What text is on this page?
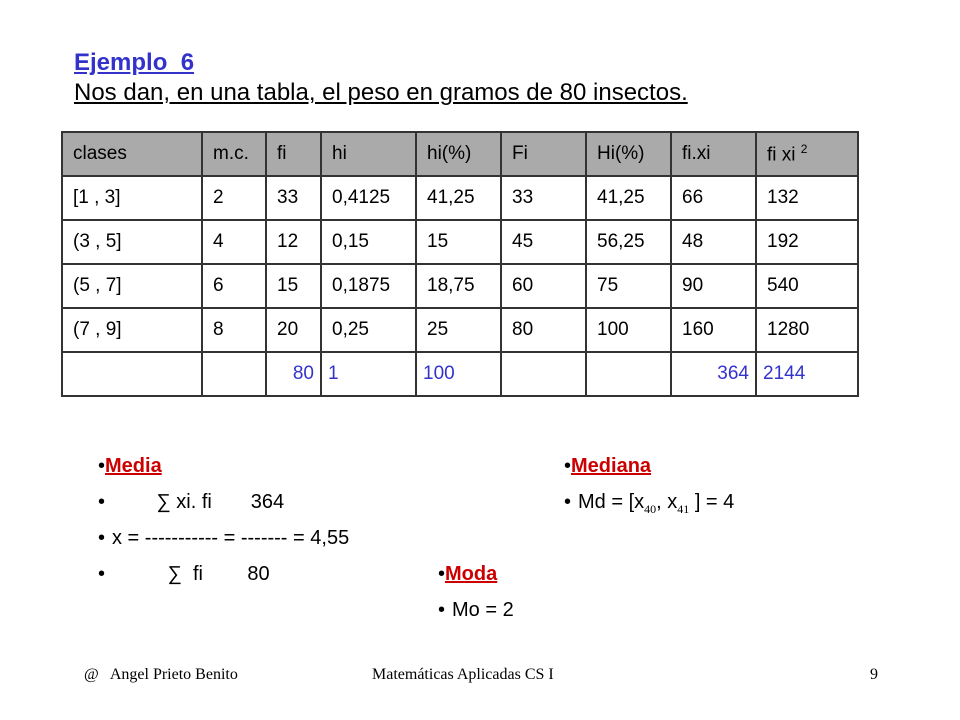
Ejemplo_6
Nos dan, en una tabla, el peso en gramos de 80 insectos.
clases	m.c.	fi	hi	hi(%)	Fi	Hi(%)	fi.xi	fi xi $^2$
[1 , 3]	2	33	0,4125	41,25	33	41,25	66	132
(3 , 5]	4	12	0,15	15	45	56,25	48	192
(5 , 7]	6	15	0,1875	18,75	60	75	90	540
(7 , 9]	8	20	0,25	25	80	100	160	1280
		80	1	100			364	2144
•Media
•	∑ xi. fi       364
• x = ----------- = ------- = 4,55
•	∑  fi        80
•Mediana
• $Md = [x_{40}$, $x_{41}$ ] = 4
•Moda
• Mo = 2
@   Angel Prieto Benito	Matemáticas Aplicadas CS I	9
